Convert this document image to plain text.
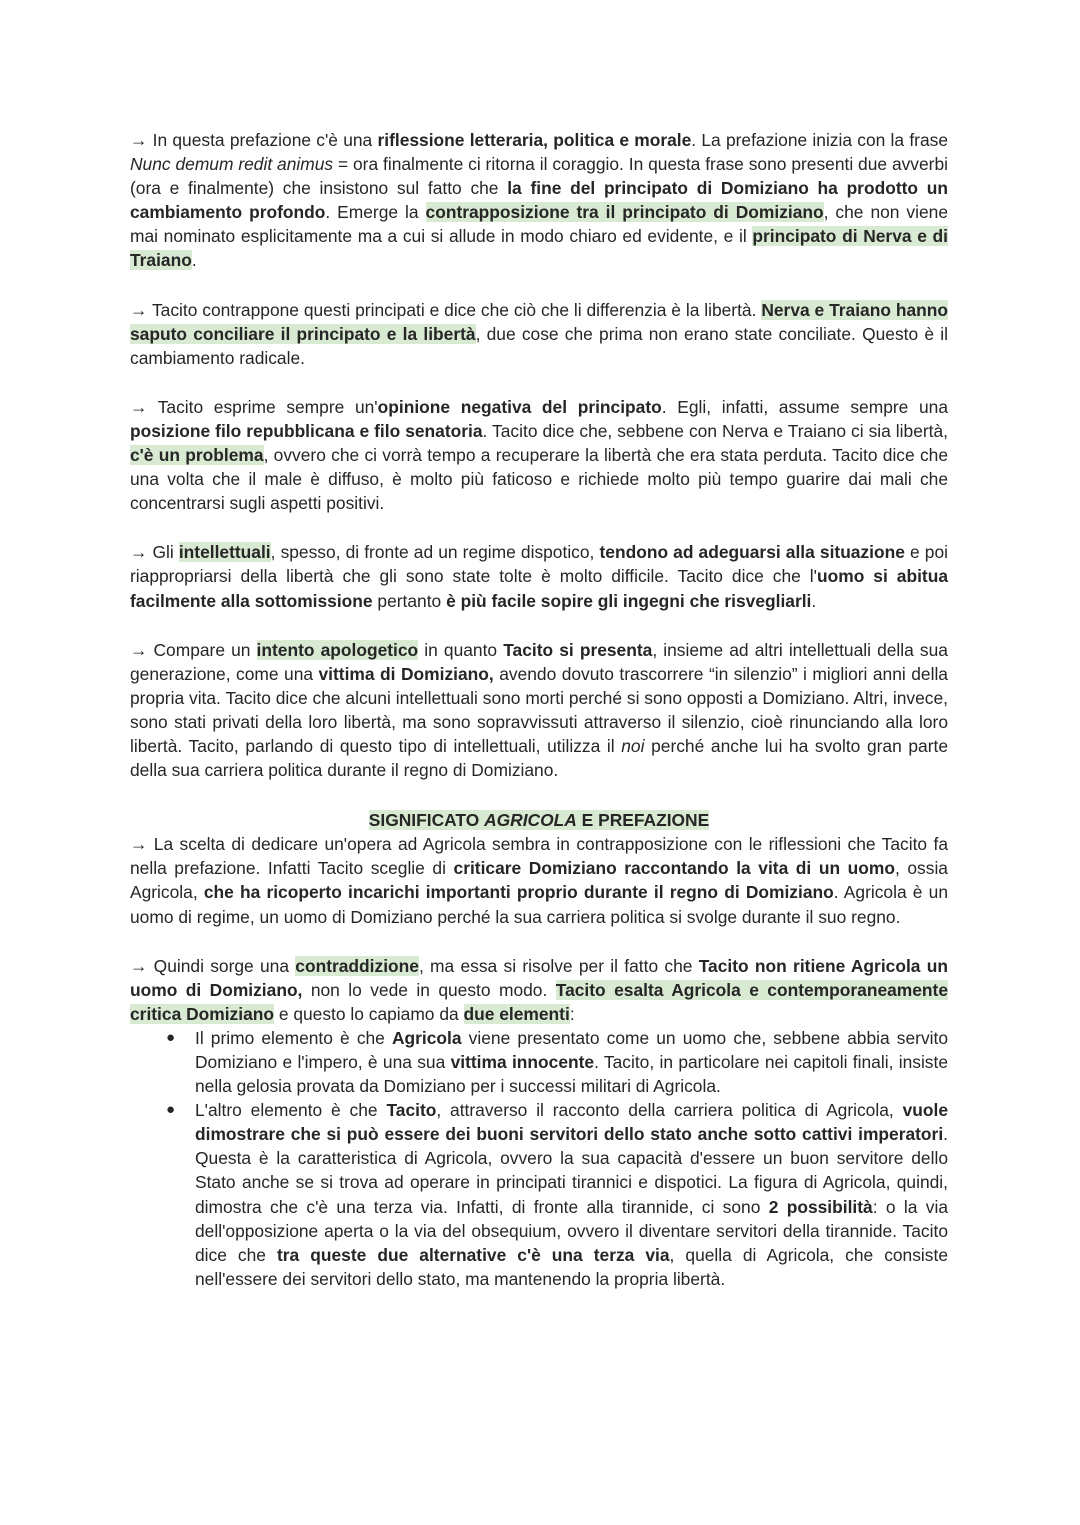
→ In questa prefazione c'è una riflessione letteraria, politica e morale. La prefazione inizia con la frase Nunc demum redit animus = ora finalmente ci ritorna il coraggio. In questa frase sono presenti due avverbi (ora e finalmente) che insistono sul fatto che la fine del principato di Domiziano ha prodotto un cambiamento profondo. Emerge la contrapposizione tra il principato di Domiziano, che non viene mai nominato esplicitamente ma a cui si allude in modo chiaro ed evidente, e il principato di Nerva e di Traiano.

→ Tacito contrappone questi principati e dice che ciò che li differenzia è la libertà. Nerva e Traiano hanno saputo conciliare il principato e la libertà, due cose che prima non erano state conciliate. Questo è il cambiamento radicale.

→ Tacito esprime sempre un'opinione negativa del principato. Egli, infatti, assume sempre una posizione filo repubblicana e filo senatoria. Tacito dice che, sebbene con Nerva e Traiano ci sia libertà, c'è un problema, ovvero che ci vorrà tempo a recuperare la libertà che era stata perduta. Tacito dice che una volta che il male è diffuso, è molto più faticoso e richiede molto più tempo guarire dai mali che concentrarsi sugli aspetti positivi.

→ Gli intellettuali, spesso, di fronte ad un regime dispotico, tendono ad adeguarsi alla situazione e poi riappropriarsi della libertà che gli sono state tolte è molto difficile. Tacito dice che l'uomo si abitua facilmente alla sottomissione pertanto è più facile sopire gli ingegni che risvegliarli.

→ Compare un intento apologetico in quanto Tacito si presenta, insieme ad altri intellettuali della sua generazione, come una vittima di Domiziano, avendo dovuto trascorrere “in silenzio” i migliori anni della propria vita. Tacito dice che alcuni intellettuali sono morti perché si sono opposti a Domiziano. Altri, invece, sono stati privati della loro libertà, ma sono sopravvissuti attraverso il silenzio, cioè rinunciando alla loro libertà. Tacito, parlando di questo tipo di intellettuali, utilizza il noi perché anche lui ha svolto gran parte della sua carriera politica durante il regno di Domiziano.

SIGNIFICATO AGRICOLA E PREFAZIONE

→ La scelta di dedicare un'opera ad Agricola sembra in contrapposizione con le riflessioni che Tacito fa nella prefazione. Infatti Tacito sceglie di criticare Domiziano raccontando la vita di un uomo, ossia Agricola, che ha ricoperto incarichi importanti proprio durante il regno di Domiziano. Agricola è un uomo di regime, un uomo di Domiziano perché la sua carriera politica si svolge durante il suo regno.

→ Quindi sorge una contraddizione, ma essa si risolve per il fatto che Tacito non ritiene Agricola un uomo di Domiziano, non lo vede in questo modo. Tacito esalta Agricola e contemporaneamente critica Domiziano e questo lo capiamo da due elementi:

● Il primo elemento è che Agricola viene presentato come un uomo che, sebbene abbia servito Domiziano e l'impero, è una sua vittima innocente. Tacito, in particolare nei capitoli finali, insiste nella gelosia provata da Domiziano per i successi militari di Agricola.
● L'altro elemento è che Tacito, attraverso il racconto della carriera politica di Agricola, vuole dimostrare che si può essere dei buoni servitori dello stato anche sotto cattivi imperatori. Questa è la caratteristica di Agricola, ovvero la sua capacità d'essere un buon servitore dello Stato anche se si trova ad operare in principati tirannici e dispotici. La figura di Agricola, quindi, dimostra che c'è una terza via. Infatti, di fronte alla tirannide, ci sono 2 possibilità: o la via dell'opposizione aperta o la via del obsequium, ovvero il diventare servitori della tirannide. Tacito dice che tra queste due alternative c'è una terza via, quella di Agricola, che consiste nell'essere dei servitori dello stato, ma mantenendo la propria libertà.
